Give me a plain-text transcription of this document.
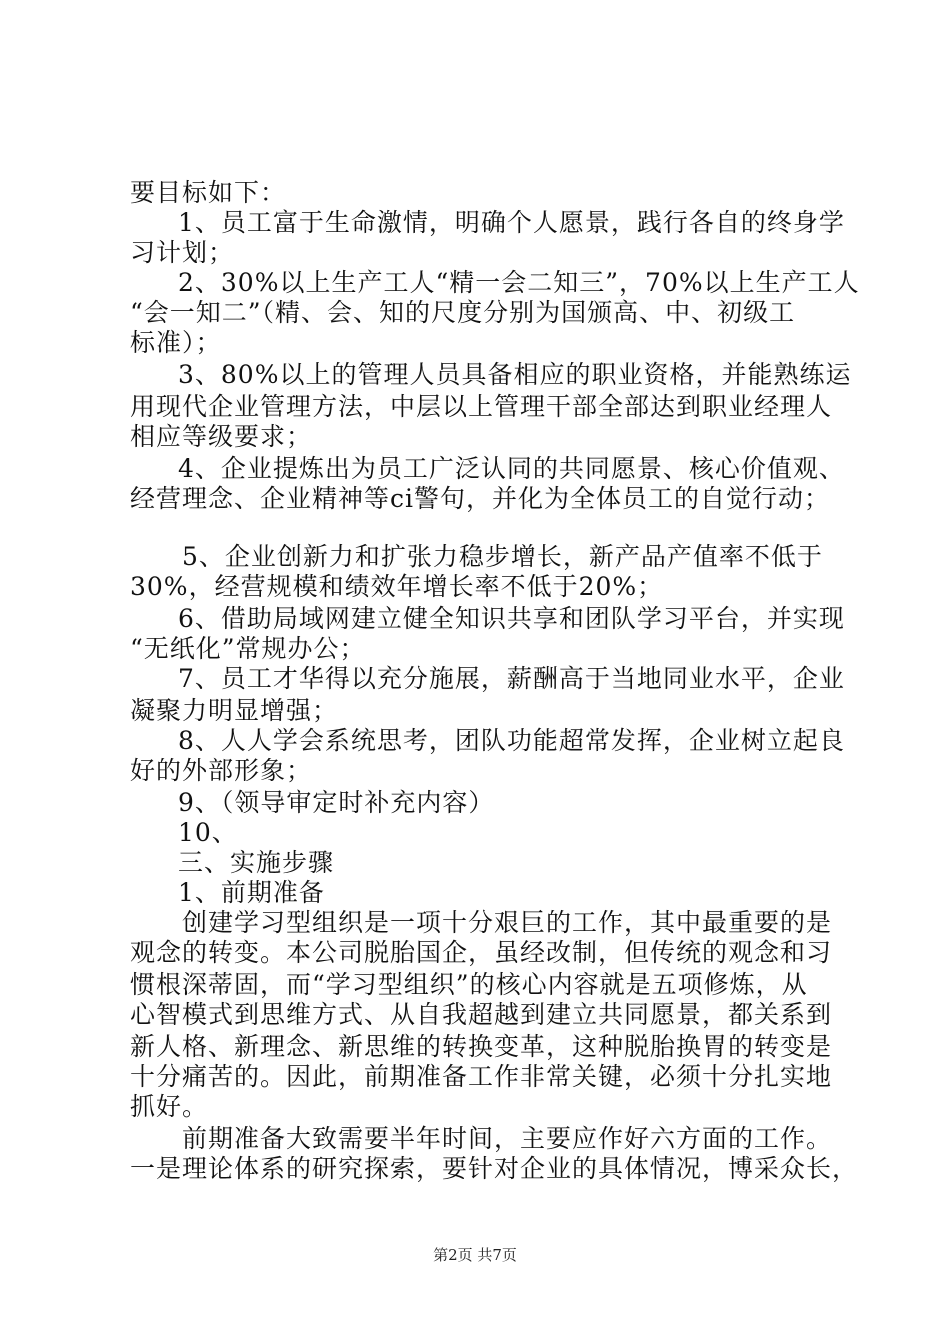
要目标如下：
1、员工富于生命激情，明确个人愿景，践行各自的终身学
习计划；
2、30%以上生产工人“精一会二知三”，70%以上生产工人
“会一知二”（精、会、知的尺度分别为国颁高、中、初级工
标准）；
3、80%以上的管理人员具备相应的职业资格，并能熟练运
用现代企业管理方法，中层以上管理干部全部达到职业经理人
相应等级要求；
4、企业提炼出为员工广泛认同的共同愿景、核心价值观、
经营理念、企业精神等ci警句，并化为全体员工的自觉行动；
5、企业创新力和扩张力稳步增长，新产品产值率不低于
30%，经营规模和绩效年增长率不低于20%；
6、借助局域网建立健全知识共享和团队学习平台，并实现
“无纸化”常规办公；
7、员工才华得以充分施展，薪酬高于当地同业水平，企业
凝聚力明显增强；
8、人人学会系统思考，团队功能超常发挥，企业树立起良
好的外部形象；
9、（领导审定时补充内容）
10、
三、实施步骤
1、前期准备
创建学习型组织是一项十分艰巨的工作，其中最重要的是
观念的转变。本公司脱胎国企，虽经改制，但传统的观念和习
惯根深蒂固，而“学习型组织”的核心内容就是五项修炼，从
心智模式到思维方式、从自我超越到建立共同愿景，都关系到
新人格、新理念、新思维的转换变革，这种脱胎换胃的转变是
十分痛苦的。因此，前期准备工作非常关键，必须十分扎实地
抓好。
前期准备大致需要半年时间，主要应作好六方面的工作。
一是理论体系的研究探索，要针对企业的具体情况，博采众长，
第2页 共7页
